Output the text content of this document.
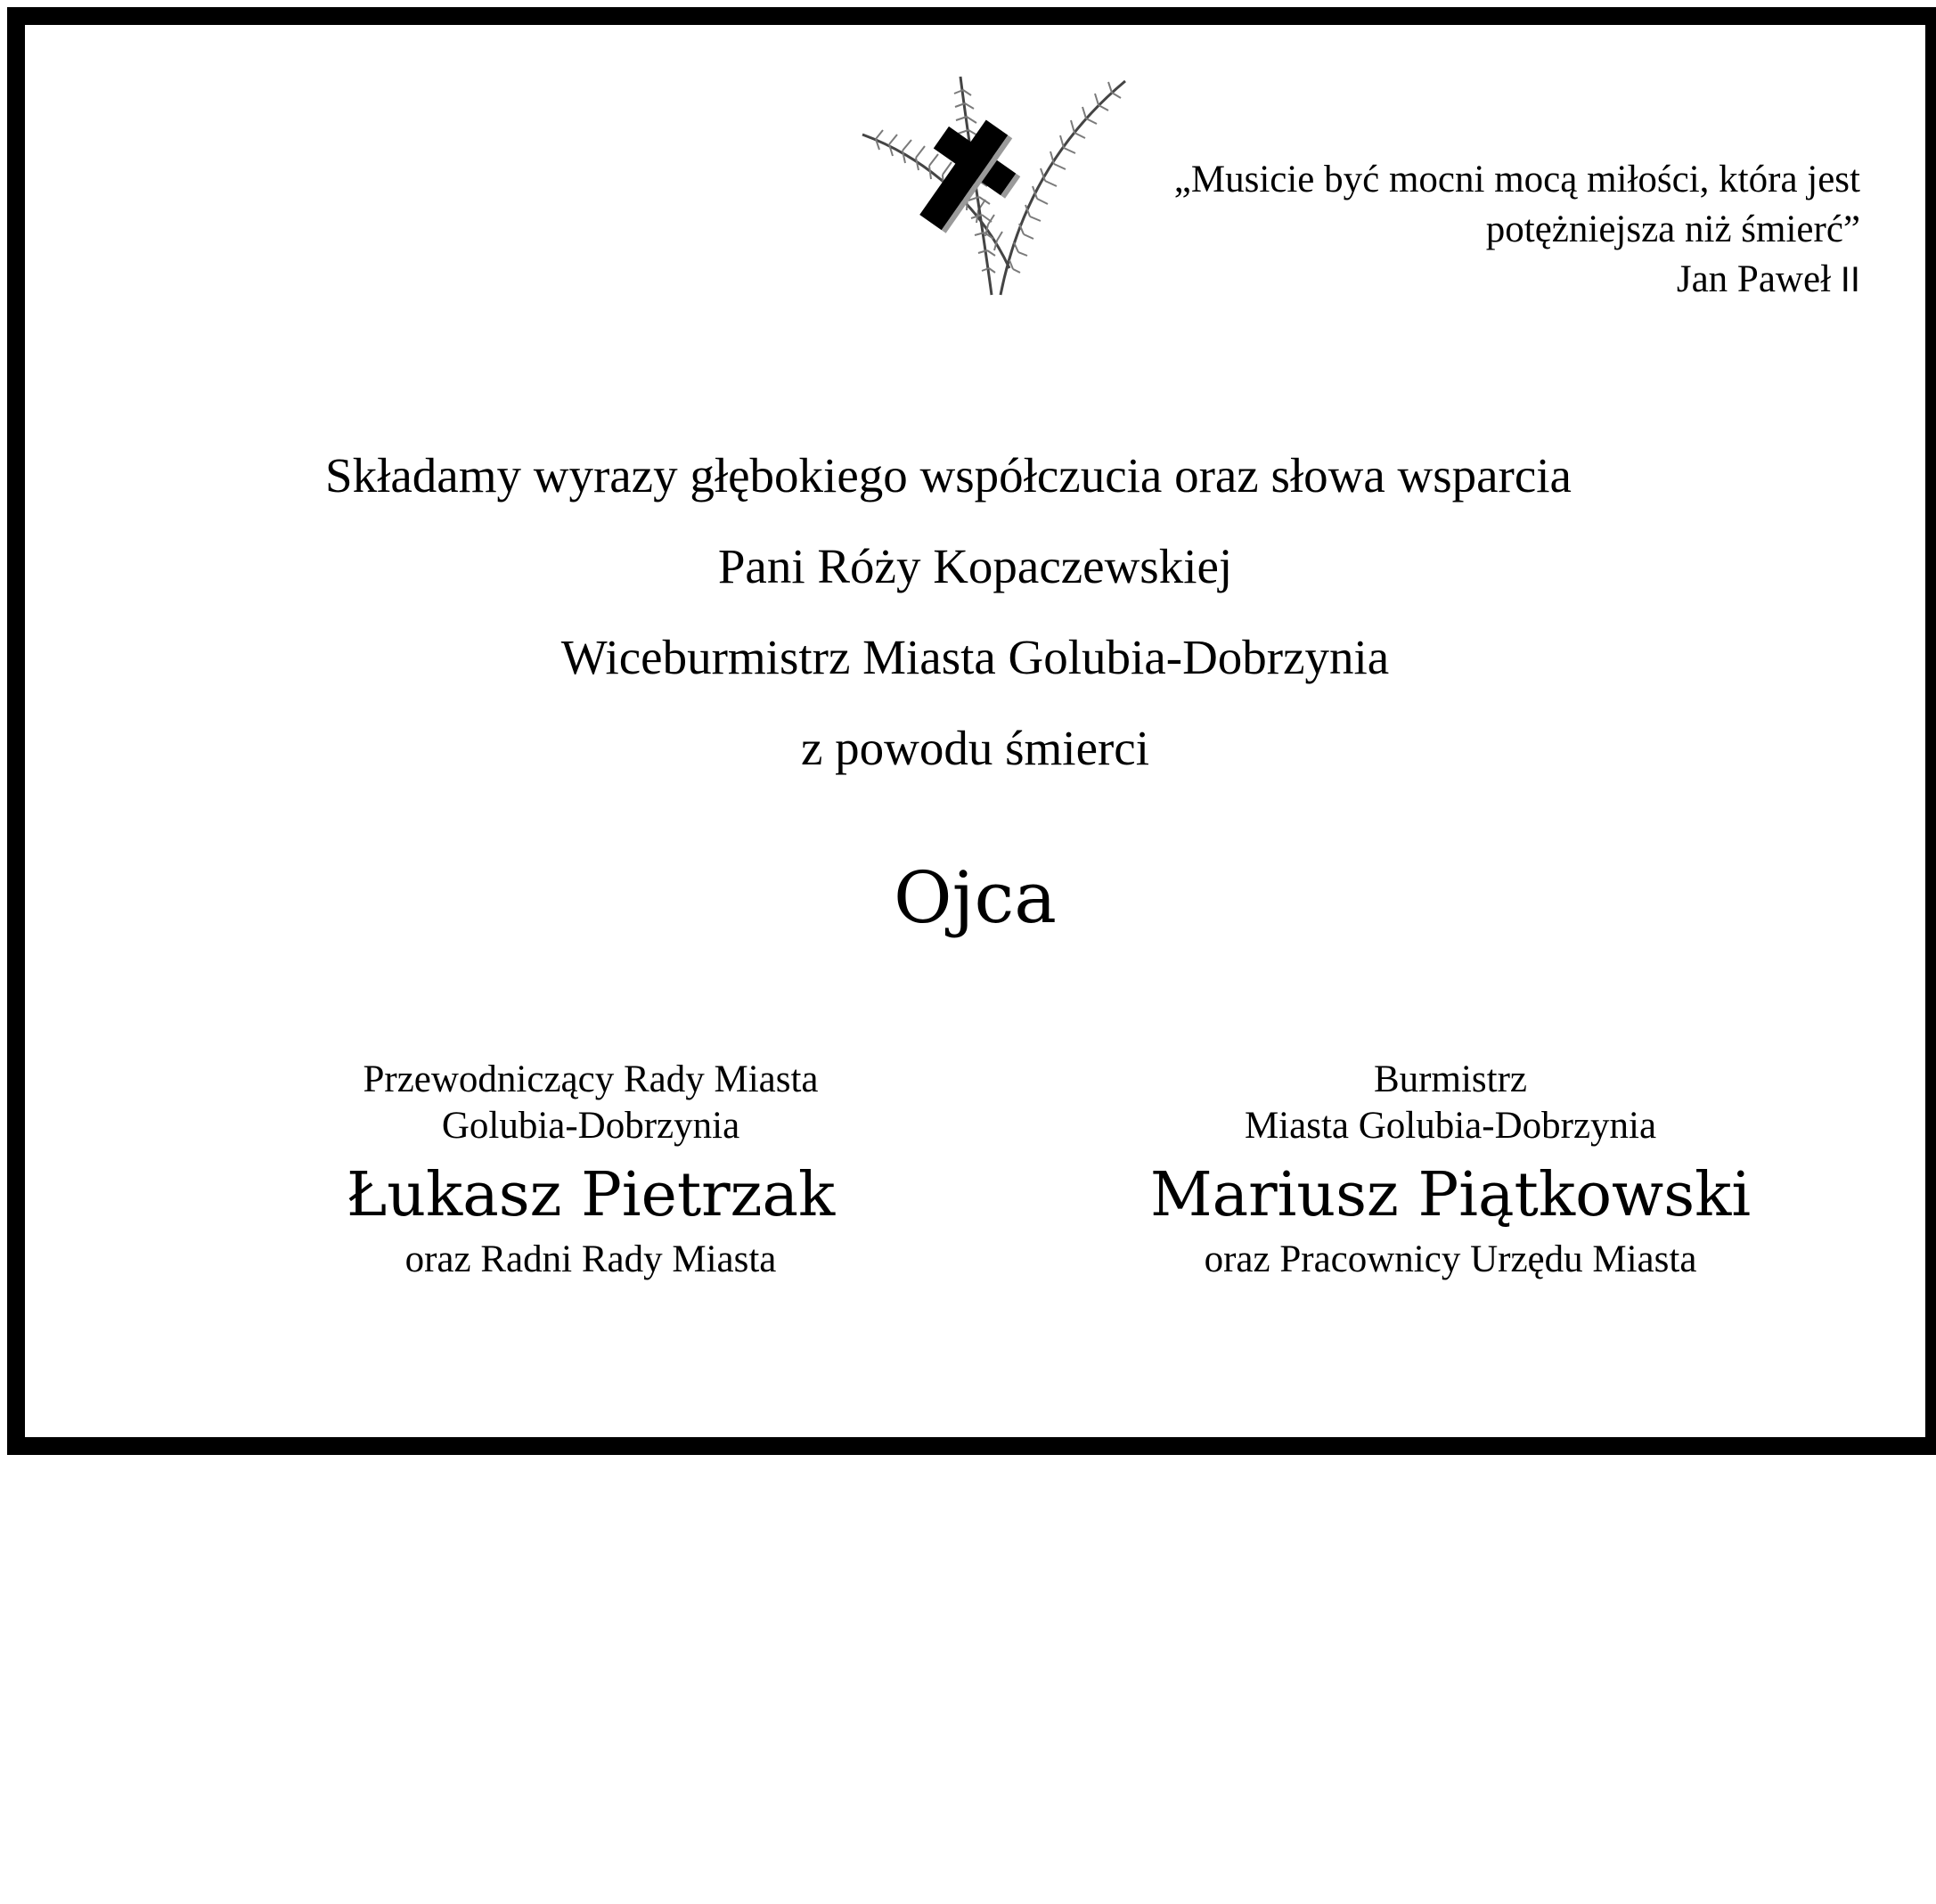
„Musicie być mocni mocą miłości, która jest
potężniejsza niż śmierć”
Jan Paweł II
Składamy wyrazy głębokiego współczucia oraz słowa wsparcia
Pani Róży Kopaczewskiej
Wiceburmistrz Miasta Golubia-Dobrzynia
z powodu śmierci
Ojca
Przewodniczący Rady Miasta
Golubia-Dobrzynia
Łukasz Pietrzak
oraz Radni Rady Miasta
Burmistrz
Miasta Golubia-Dobrzynia
Mariusz Piątkowski
oraz Pracownicy Urzędu Miasta
